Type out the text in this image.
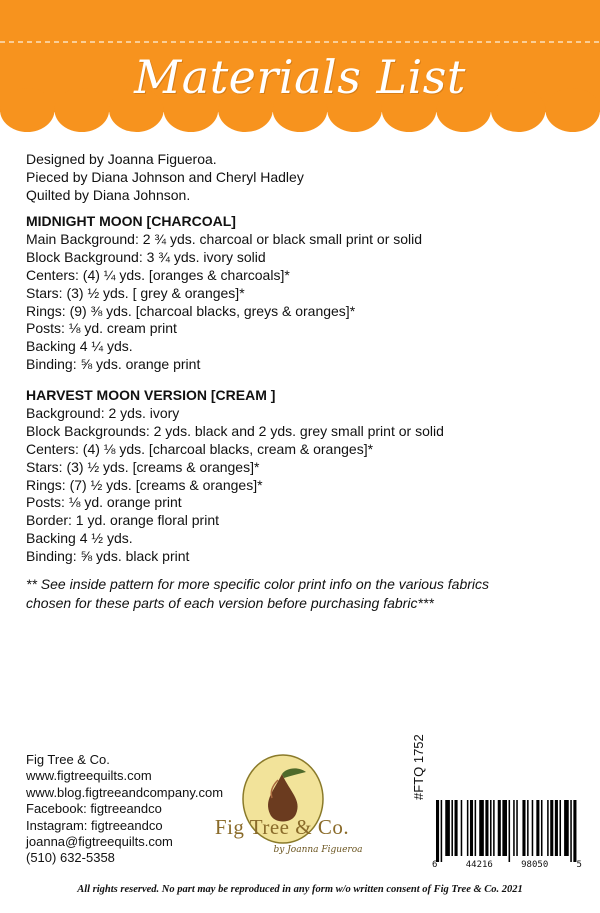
Materials List
Designed by Joanna Figueroa.
Pieced by Diana Johnson and Cheryl Hadley
Quilted by Diana Johnson.
MIDNIGHT MOON [CHARCOAL]
Main Background: 2 ¾ yds. charcoal or black small print or solid
Block Background: 3 ¾ yds. ivory solid
Centers: (4) ¼ yds. [oranges & charcoals]*
Stars: (3) ½ yds. [ grey & oranges]*
Rings: (9) ⅜ yds. [charcoal blacks, greys & oranges]*
Posts: ⅛ yd. cream print
Backing 4 ¼ yds.
Binding: ⅝ yds. orange print
HARVEST MOON VERSION [CREAM ]
Background: 2 yds. ivory
Block Backgrounds: 2 yds. black and 2 yds. grey small print or solid
Centers: (4) ⅛ yds. [charcoal blacks, cream & oranges]*
Stars: (3) ½ yds. [creams & oranges]*
Rings: (7) ½ yds. [creams & oranges]*
Posts: ⅛ yd. orange print
Border: 1 yd. orange floral print
Backing 4 ½ yds.
Binding: ⅝ yds. black print
** See inside pattern for more specific color print info on the various fabrics
chosen for these parts of each version before purchasing fabric***
Fig Tree & Co.
www.figtreequilts.com
www.blog.figtreeandcompany.com
Facebook: figtreeandco
Instagram: figtreeandco
joanna@figtreequilts.com
(510) 632-5358
Fig Tree & Co.
by Joanna Figueroa
#FTQ 1752
6	44216	98050	5
All rights reserved. No part may be reproduced in any form w/o written consent of Fig Tree & Co. 2021
